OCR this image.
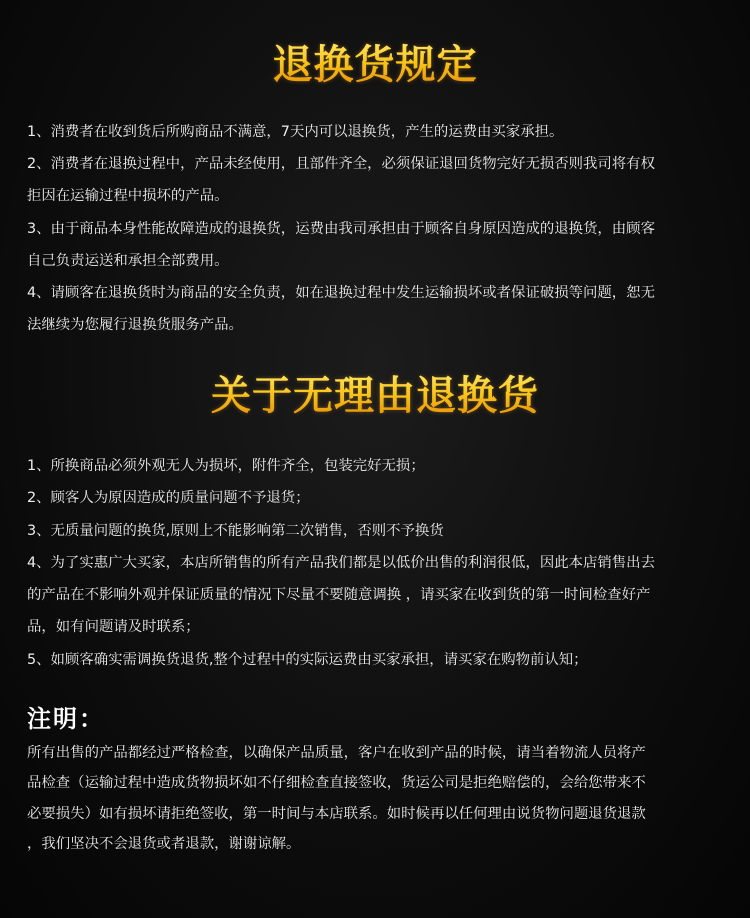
退换货规定
1、消费者在收到货后所购商品不满意，7天内可以退换货，产生的运费由买家承担。
2、消费者在退换过程中，产品未经使用，且部件齐全，必须保证退回货物完好无损否则我司将有权
拒因在运输过程中损坏的产品。
3、由于商品本身性能故障造成的退换货，运费由我司承担由于顾客自身原因造成的退换货，由顾客
自己负责运送和承担全部费用。
4、请顾客在退换货时为商品的安全负责，如在退换过程中发生运输损坏或者保证破损等问题，恕无
法继续为您履行退换货服务产品。
关于无理由退换货
1、所换商品必须外观无人为损坏，附件齐全，包装完好无损；
2、顾客人为原因造成的质量问题不予退货；
3、无质量问题的换货,原则上不能影响第二次销售，否则不予换货
4、为了实惠广大买家，本店所销售的所有产品我们都是以低价出售的利润很低，因此本店销售出去
的产品在不影响外观并保证质量的情况下尽量不要随意调换 ，请买家在收到货的第一时间检查好产
品，如有问题请及时联系；
5、如顾客确实需调换货退货,整个过程中的实际运费由买家承担，请买家在购物前认知；
注明：
所有出售的产品都经过严格检查，以确保产品质量，客户在收到产品的时候，请当着物流人员将产
品检查（运输过程中造成货物损坏如不仔细检查直接签收，货运公司是拒绝赔偿的，会给您带来不
必要损失）如有损坏请拒绝签收，第一时间与本店联系。如时候再以任何理由说货物问题退货退款
，我们坚决不会退货或者退款，谢谢谅解。
